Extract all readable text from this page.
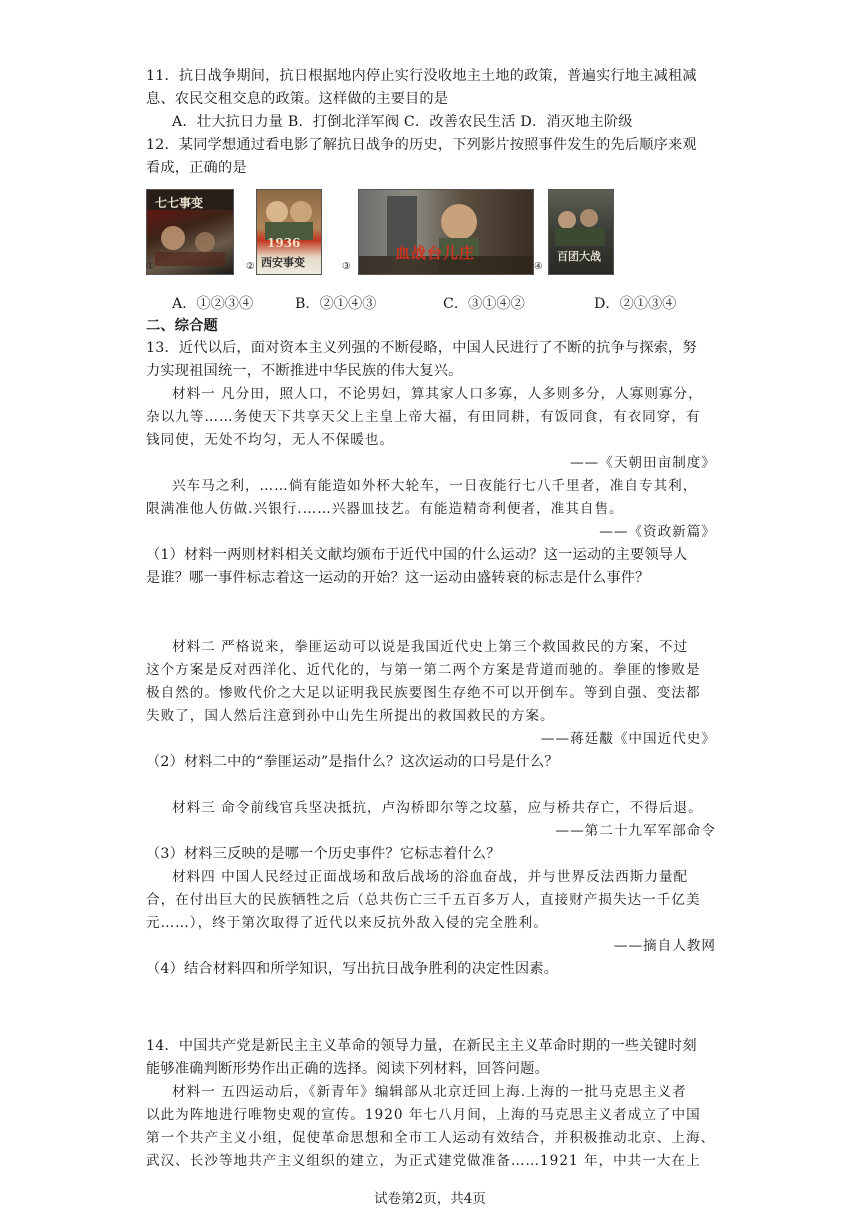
11．抗日战争期间，抗日根据地内停止实行没收地主土地的政策，普遍实行地主减租减
息、农民交租交息的政策。这样做的主要目的是
A．壮大抗日力量 B．打倒北洋军阀 C．改善农民生活 D．消灭地主阶级
12．某同学想通过看电影了解抗日战争的历史，下列影片按照事件发生的先后顺序来观
看成，正确的是
七七事变
①
1936
西安事变
②
血战台儿庄
③
百团大战
④
A．①②③④	B．②①④③	C．③①④②	D．②①③④
二、综合题
13．近代以后，面对资本主义列强的不断侵略，中国人民进行了不断的抗争与探索，努
力实现祖国统一，不断推进中华民族的伟大复兴。
材料一 凡分田，照人口，不论男妇，算其家人口多寡，人多则多分，人寡则寡分，
杂以九等……务使天下共享天父上主皇上帝大福，有田同耕，有饭同食，有衣同穿，有
钱同使，无处不均匀，无人不保暖也。
——《天朝田亩制度》
兴车马之利，……倘有能造如外杯大轮车，一日夜能行七八千里者，准自专其利，
限满准他人仿做.兴银行.……兴器皿技艺。有能造精奇利便者，准其自售。
——《资政新篇》
（1）材料一两则材料相关文献均颁布于近代中国的什么运动？这一运动的主要领导人
是谁？哪一事件标志着这一运动的开始？这一运动由盛转衰的标志是什么事件？
材料二 严格说来，拳匪运动可以说是我国近代史上第三个救国救民的方案，不过
这个方案是反对西洋化、近代化的，与第一第二两个方案是背道而驰的。拳匪的惨败是
极自然的。惨败代价之大足以证明我民族要图生存绝不可以开倒车。等到自强、变法都
失败了，国人然后注意到孙中山先生所提出的救国救民的方案。
——蒋廷黻《中国近代史》
（2）材料二中的“拳匪运动”是指什么？这次运动的口号是什么？
材料三 命令前线官兵坚决抵抗，卢沟桥即尔等之坟墓，应与桥共存亡，不得后退。
——第二十九军军部命令
（3）材料三反映的是哪一个历史事件？它标志着什么？
材料四 中国人民经过正面战场和敌后战场的浴血奋战，并与世界反法西斯力量配
合，在付出巨大的民族牺牲之后（总共伤亡三千五百多万人，直接财产损失达一千亿美
元……），终于第次取得了近代以来反抗外敌入侵的完全胜利。
——摘自人教网
（4）结合材料四和所学知识，写出抗日战争胜利的决定性因素。
14．中国共产党是新民主主义革命的领导力量，在新民主主义革命时期的一些关键时刻
能够准确判断形势作出正确的选择。阅读下列材料，回答问题。
材料一 五四运动后，《新青年》编辑部从北京迁回上海.上海的一批马克思主义者
以此为阵地进行唯物史观的宣传。1920 年七八月间，上海的马克思主义者成立了中国
第一个共产主义小组，促使革命思想和全市工人运动有效结合，并积极推动北京、上海、
武汉、长沙等地共产主义组织的建立，为正式建党做准备……1921 年，中共一大在上
试卷第2页，共4页
